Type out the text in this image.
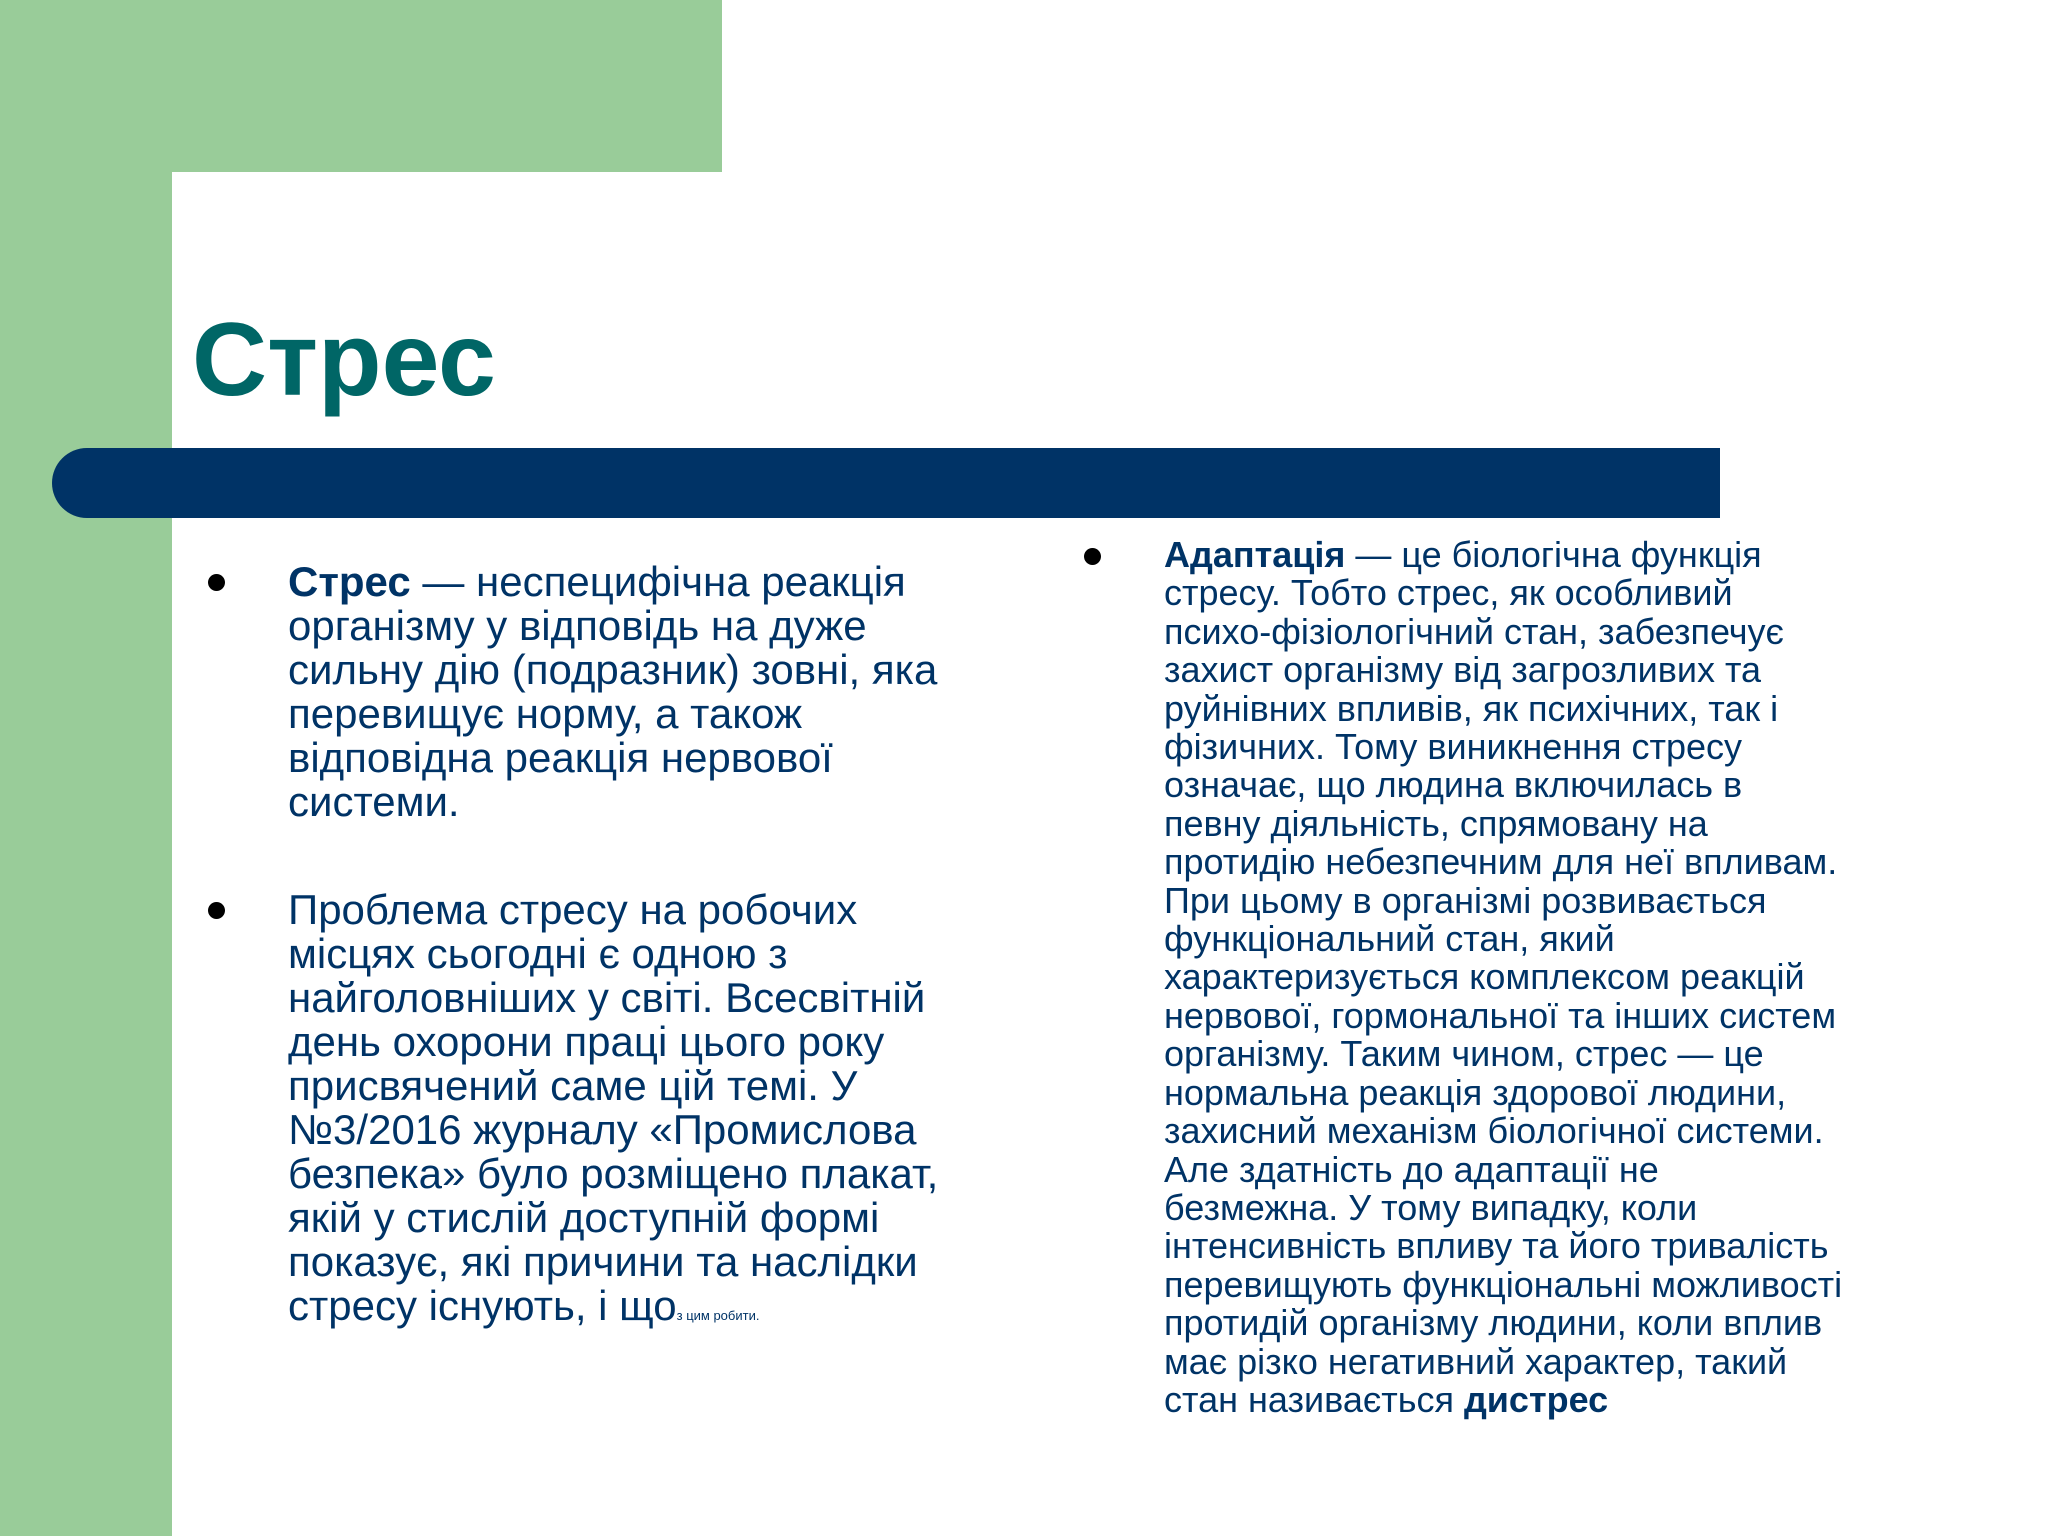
Стрес
Стрес — неспецифічна реакція
організму у відповідь на дуже
сильну дію (подразник) зовні, яка
перевищує норму, а також
відповідна реакція нервової
системи.
Проблема стресу на робочих
місцях сьогодні є одною з
найголовніших у світі. Всесвітній
день охорони праці цього року
присвячений саме цій темі. У
№3/2016 журналу «Промислова
безпека» було розміщено плакат,
якій у стислій доступній формі
показує, які причини та наслідки
стресу існують, і щоз цим робити.
Адаптація — це біологічна функція
стресу. Тобто стрес, як особливий
психо-фізіологічний стан, забезпечує
захист організму від загрозливих та
руйнівних впливів, як психічних, так і
фізичних. Тому виникнення стресу
означає, що людина включилась в
певну діяльність, спрямовану на
протидію небезпечним для неї впливам.
При цьому в організмі розвивається
функціональний стан, який
характеризується комплексом реакцій
нервової, гормональної та інших систем
організму. Таким чином, стрес — це
нормальна реакція здорової людини,
захисний механізм біологічної системи.
Але здатність до адаптації не
безмежна. У тому випадку, коли
інтенсивність впливу та його тривалість
перевищують функціональні можливості
протидій організму людини, коли вплив
має різко негативний характер, такий
стан називається дистрес
